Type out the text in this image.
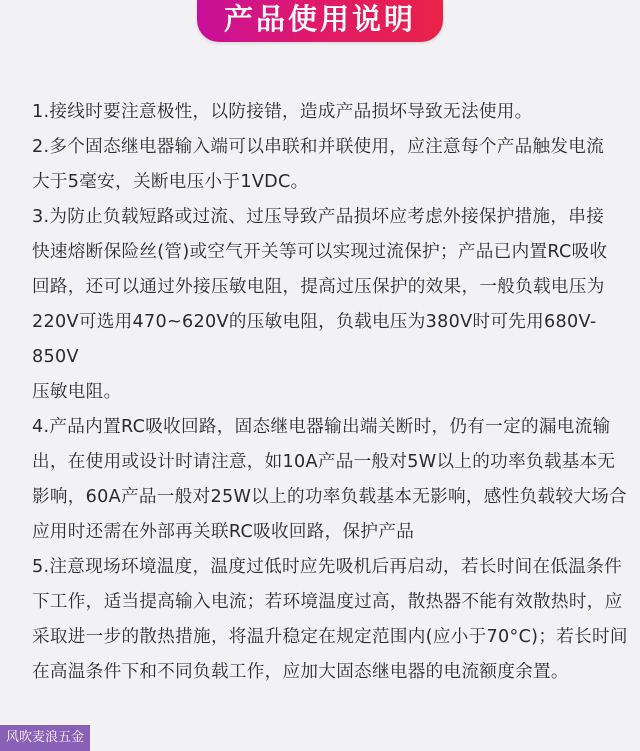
产品使用说明

1.接线时要注意极性，以防接错，造成产品损坏导致无法使用。

2.多个固态继电器输入端可以串联和并联使用，应注意每个产品触发电流
大于5毫安，关断电压小于1VDC。

3.为防止负载短路或过流、过压导致产品损坏应考虑外接保护措施，串接
快速熔断保险丝(管)或空气开关等可以实现过流保护；产品已内置RC吸收
回路，还可以通过外接压敏电阻，提高过压保护的效果，一般负载电压为
220V可选用470~620V的压敏电阻，负载电压为380V时可先用680V-850V
压敏电阻。

4.产品内置RC吸收回路，固态继电器输出端关断时，仍有一定的漏电流输
出，在使用或设计时请注意，如10A产品一般对5W以上的功率负载基本无
影响，60A产品一般对25W以上的功率负载基本无影响，感性负载较大场合
应用时还需在外部再关联RC吸收回路，保护产品

5.注意现场环境温度，温度过低时应先吸机后再启动，若长时间在低温条件
下工作，适当提高输入电流；若环境温度过高，散热器不能有效散热时，应
采取进一步的散热措施，将温升稳定在规定范围内(应小于70°C)；若长时间
在高温条件下和不同负载工作，应加大固态继电器的电流额度余置。

风吹麦浪五金
